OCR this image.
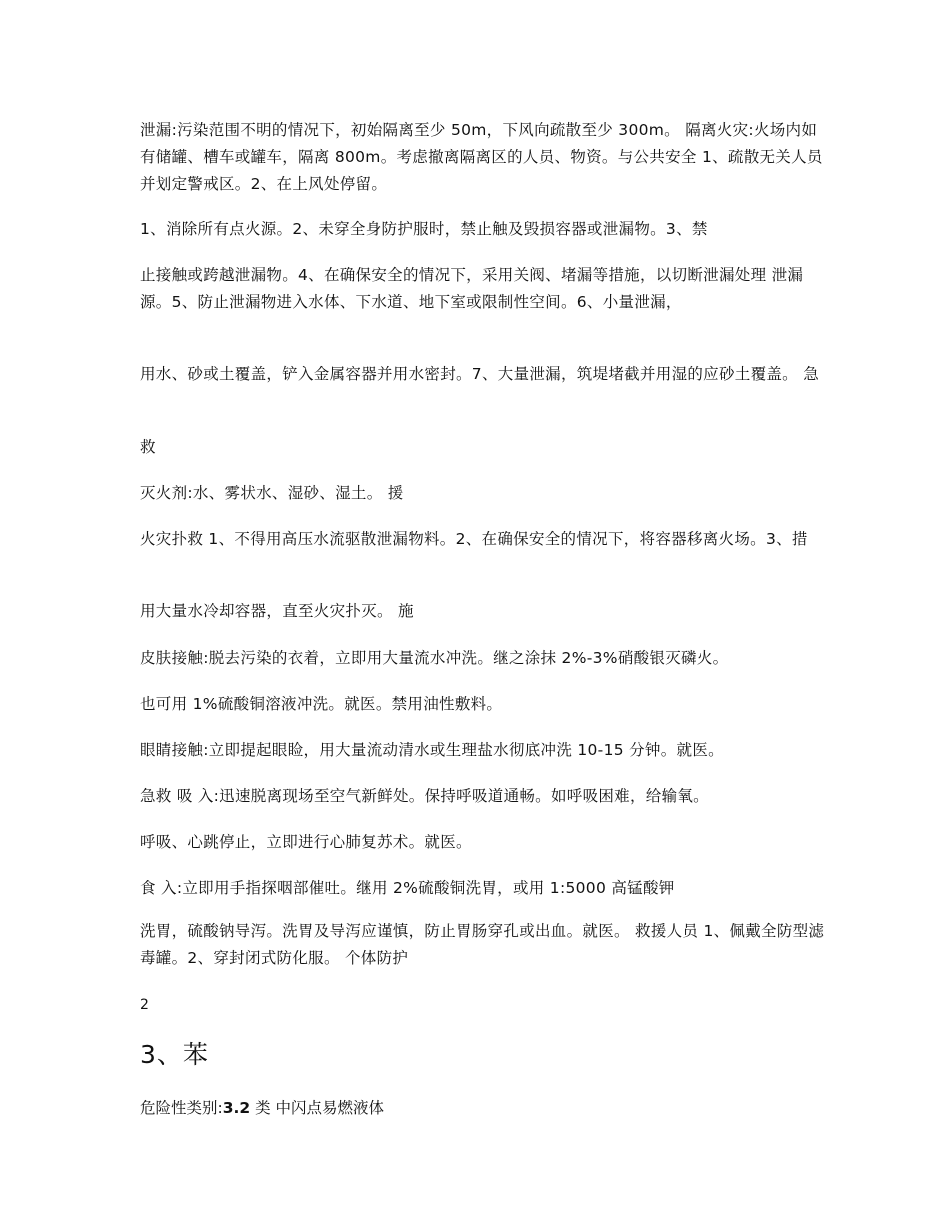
泄漏:污染范围不明的情况下，初始隔离至少 50m，下风向疏散至少 300m。 隔离火灾:火场内如有储罐、槽车或罐车，隔离 800m。考虑撤离隔离区的人员、物资。与公共安全 1、疏散无关人员并划定警戒区。2、在上风处停留。
1、消除所有点火源。2、未穿全身防护服时，禁止触及毁损容器或泄漏物。3、禁
止接触或跨越泄漏物。4、在确保安全的情况下，采用关阀、堵漏等措施，以切断泄漏处理 泄漏源。5、防止泄漏物进入水体、下水道、地下室或限制性空间。6、小量泄漏，
用水、砂或土覆盖，铲入金属容器并用水密封。7、大量泄漏，筑堤堵截并用湿的应砂土覆盖。 急
救
灭火剂:水、雾状水、湿砂、湿土。 援
火灾扑救 1、不得用高压水流驱散泄漏物料。2、在确保安全的情况下，将容器移离火场。3、措
用大量水冷却容器，直至火灾扑灭。 施
皮肤接触:脱去污染的衣着，立即用大量流水冲洗。继之涂抹 2%-3%硝酸银灭磷火。
也可用 1%硫酸铜溶液冲洗。就医。禁用油性敷料。
眼睛接触:立即提起眼睑，用大量流动清水或生理盐水彻底冲洗 10-15 分钟。就医。
急救 吸 入:迅速脱离现场至空气新鲜处。保持呼吸道通畅。如呼吸困难，给输氧。
呼吸、心跳停止，立即进行心肺复苏术。就医。
食 入:立即用手指探咽部催吐。继用 2%硫酸铜洗胃，或用 1:5000 高锰酸钾
洗胃，硫酸钠导泻。洗胃及导泻应谨慎，防止胃肠穿孔或出血。就医。 救援人员 1、佩戴全防型滤毒罐。2、穿封闭式防化服。 个体防护
2
3、苯
危险性类别:3.2 类 中闪点易燃液体
